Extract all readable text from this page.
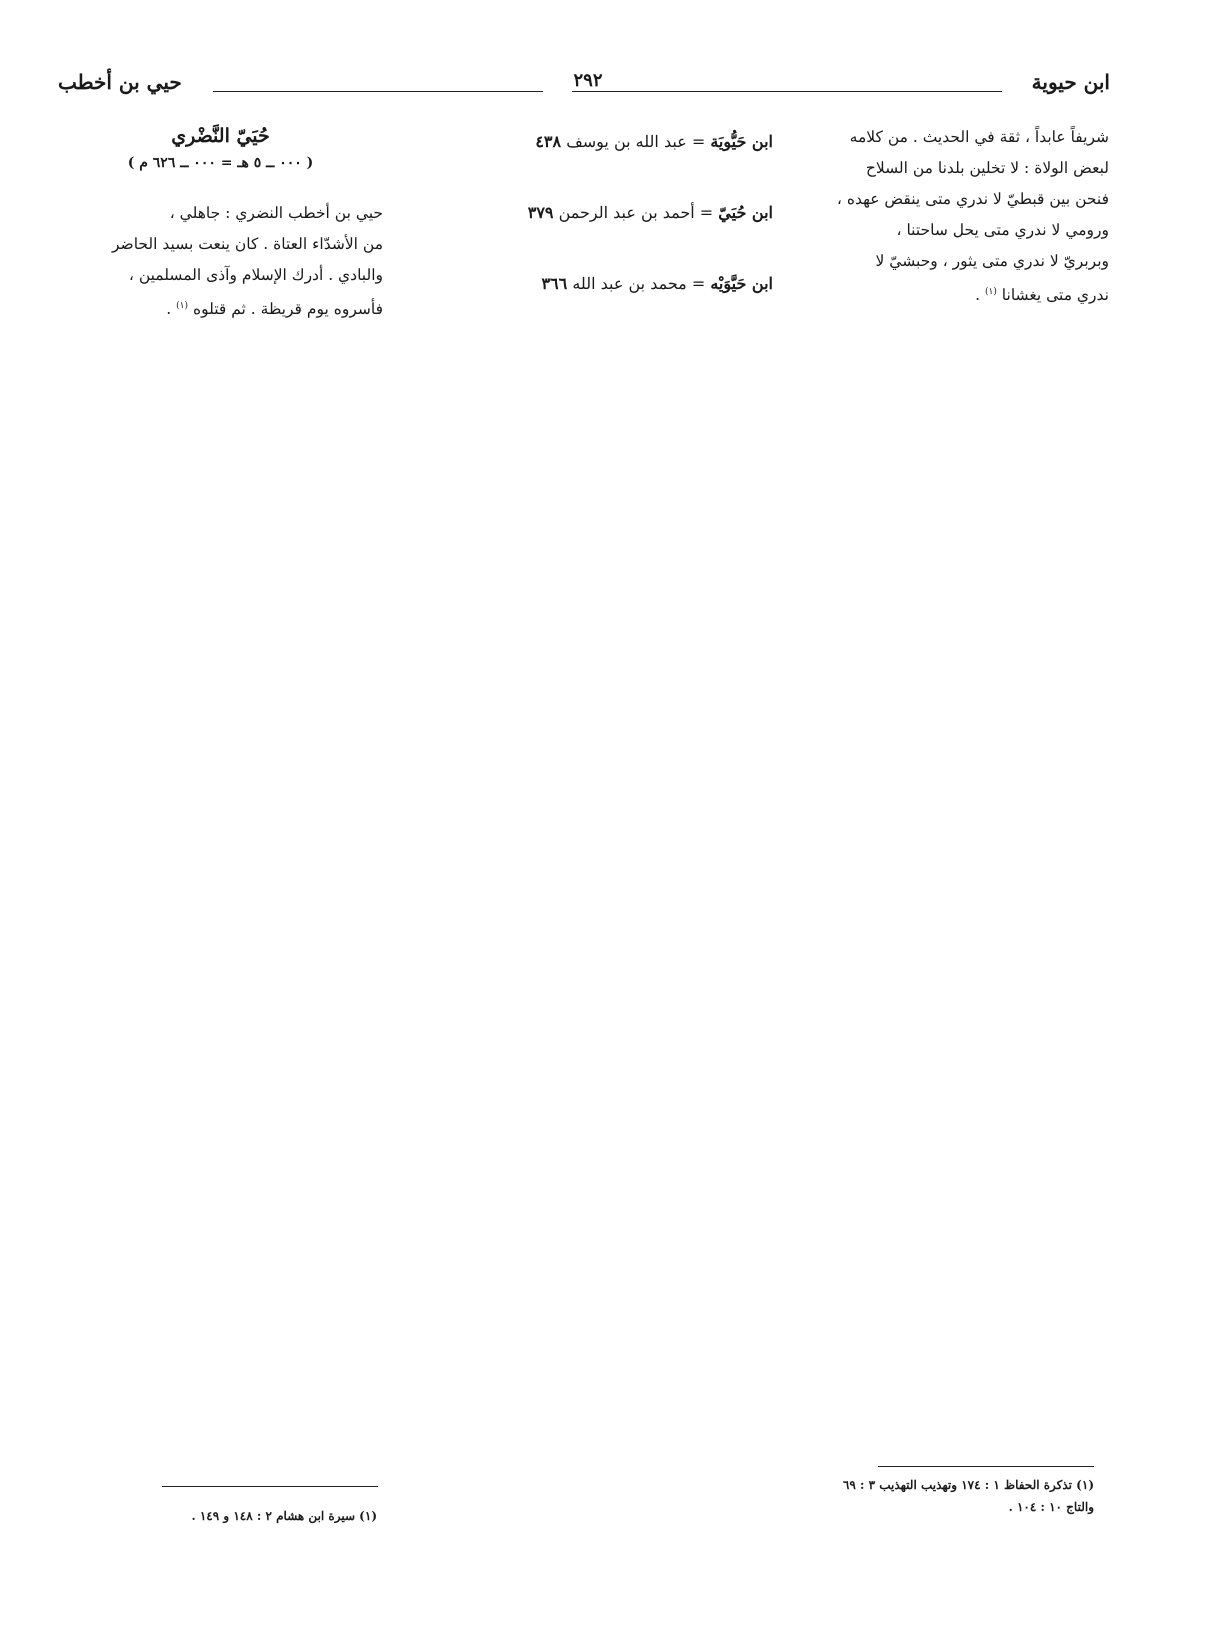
ابن حيوية
٢٩٢
حيي بن أخطب

شريفاً عابداً ، ثقة في الحديث . من كلامه

لبعض الولاة : لا تخلين بلدنا من السلاح

فنحن بين قبطيّ لا ندري متى ينقض عهده ،

ورومي لا ندري متى يحل ساحتنا ،

وبربريّ لا ندري متى يثور ، وحبشيّ لا

ندري متى يغشانا $^{(١)}$ .

ابن حَيُّويَة = عبد الله بن يوسف ٤٣٨

ابن حُيَيّ = أحمد بن عبد الرحمن ٣٧٩

ابن حَيَّوَيْه = محمد بن عبد الله ٣٦٦

حُيَيّ النَّضْري

( ٠٠٠ ــ ٥ هـ = ٠٠٠ ــ ٦٢٦ م )

حيي بن أخطب النضري : جاهلي ،

من الأشدّاء العتاة . كان ينعت بسيد الحاضر

والبادي . أدرك الإسلام وآذى المسلمين ،

فأسروه يوم قريظة . ثم قتلوه $^{(١)}$ .

(١) تذكرة الحفاظ ١ : ١٧٤ وتهذيب التهذيب ٣ : ٦٩
والتاج ١٠ : ١٠٤ .
(١) سيرة ابن هشام ٢ : ١٤٨ و ١٤٩ .
